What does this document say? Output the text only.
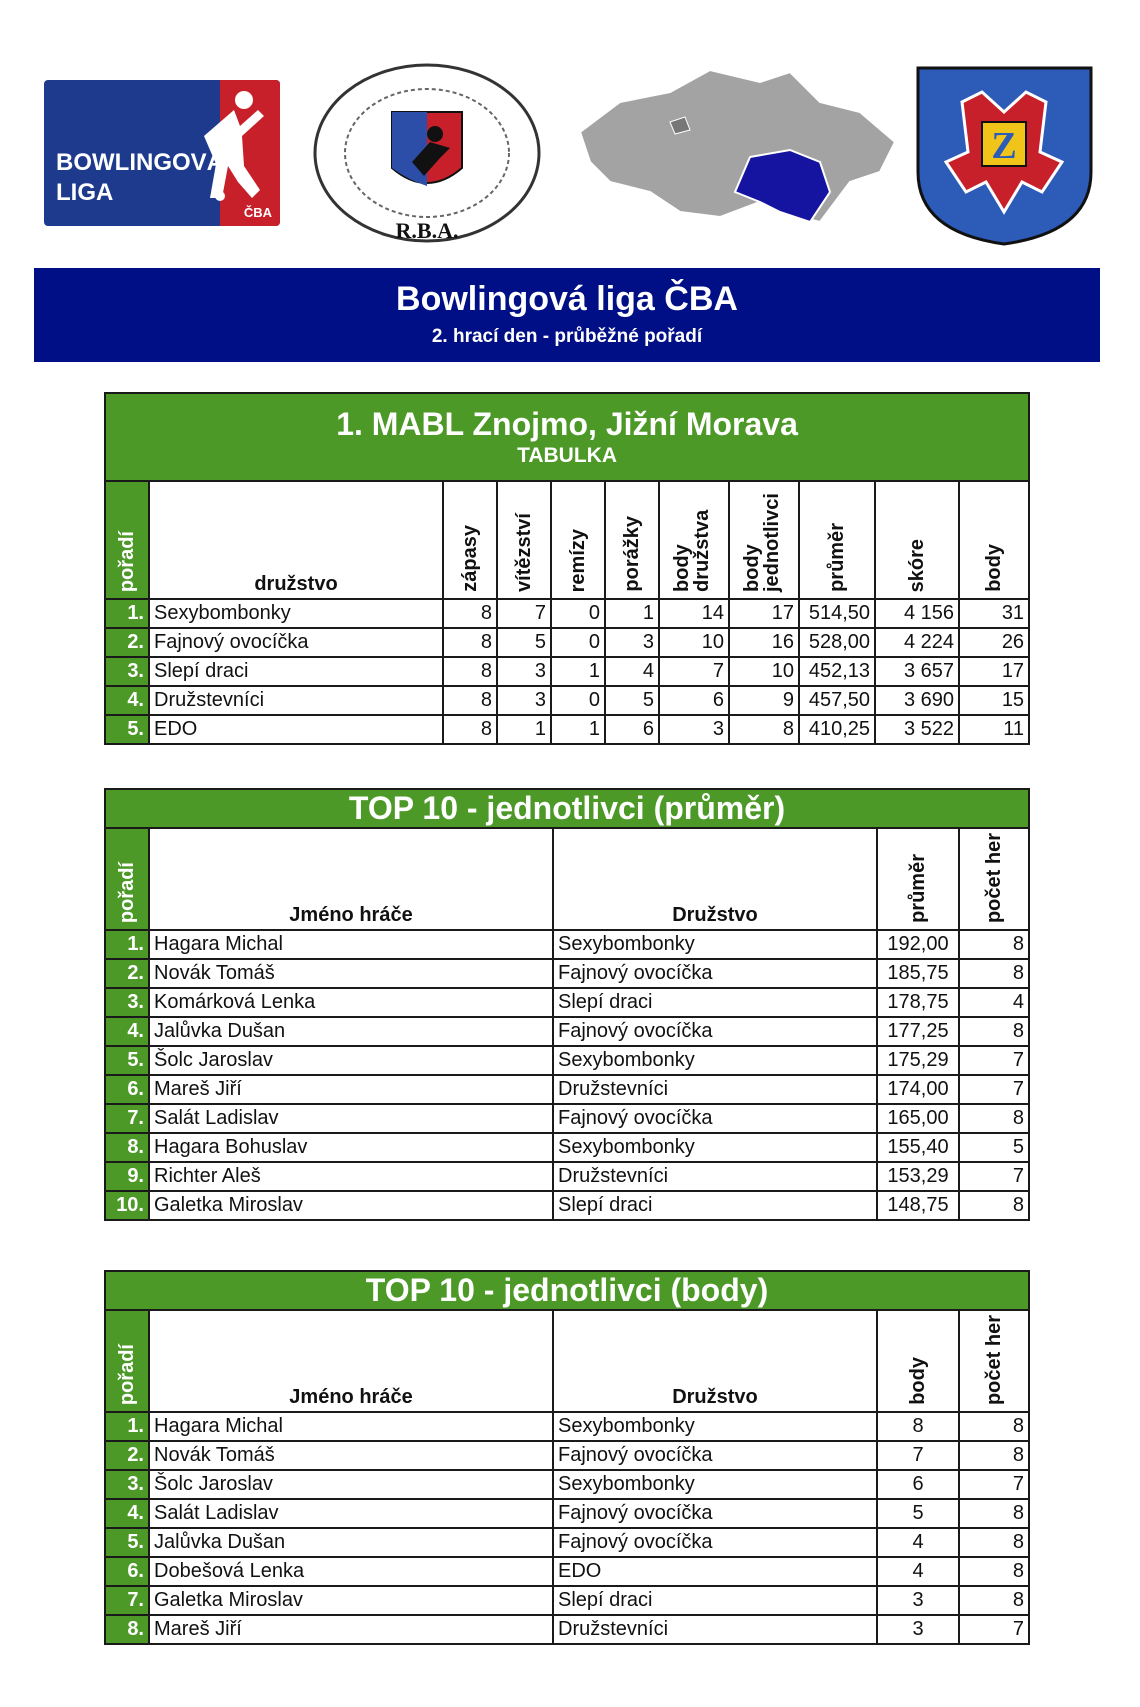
BOWLINGOVÁ
LIGA
ČBA
R.B.A.
Z
Bowlingová liga ČBA
2. hrací den - průběžné pořadí
1. MABL Znojmo, Jižní Morava
TABULKA										

pořadí	družstvo	zápasy	vítězství	remízy	porážky	body družstva	body jednotlivci	průměr	skóre	body
1.	Sexybombonky	8	7	0	1	14	17	514,50	4 156	31
2.	Fajnový ovocíčka	8	5	0	3	10	16	528,00	4 224	26
3.	Slepí draci	8	3	1	4	7	10	452,13	3 657	17
4.	Družstevníci	8	3	0	5	6	9	457,50	3 690	15
5.	EDO	8	1	1	6	3	8	410,25	3 522	11
TOP 10 - jednotlivci (průměr)				
pořadí	Jméno hráče	Družstvo	průměr	počet her
1.	Hagara Michal	Sexybombonky	192,00	8
2.	Novák Tomáš	Fajnový ovocíčka	185,75	8
3.	Komárková Lenka	Slepí draci	178,75	4
4.	Jalůvka Dušan	Fajnový ovocíčka	177,25	8
5.	Šolc Jaroslav	Sexybombonky	175,29	7
6.	Mareš Jiří	Družstevníci	174,00	7
7.	Salát Ladislav	Fajnový ovocíčka	165,00	8
8.	Hagara Bohuslav	Sexybombonky	155,40	5
9.	Richter Aleš	Družstevníci	153,29	7
10.	Galetka Miroslav	Slepí draci	148,75	8
TOP 10 - jednotlivci (body)				
pořadí	Jméno hráče	Družstvo	body	počet her
1.	Hagara Michal	Sexybombonky	8	8
2.	Novák Tomáš	Fajnový ovocíčka	7	8
3.	Šolc Jaroslav	Sexybombonky	6	7
4.	Salát Ladislav	Fajnový ovocíčka	5	8
5.	Jalůvka Dušan	Fajnový ovocíčka	4	8
6.	Dobešová Lenka	EDO	4	8
7.	Galetka Miroslav	Slepí draci	3	8
8.	Mareš Jiří	Družstevníci	3	7
